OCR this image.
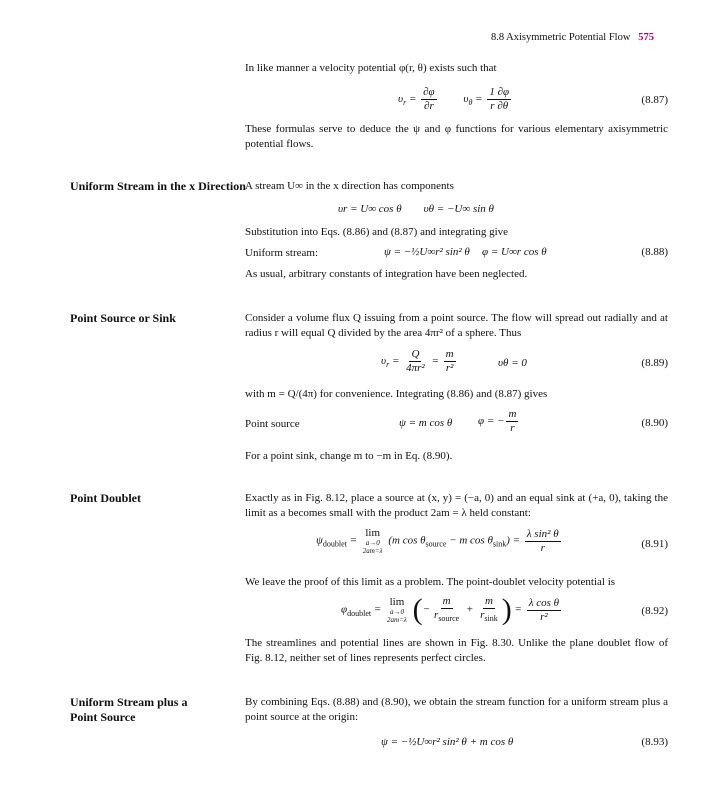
8.8 Axisymmetric Potential Flow 575
In like manner a velocity potential φ(r, θ) exists such that
$\upsilon_r = \frac{\partial\varphi}{\partial r} \upsilon_\theta = \frac{1 \partial\varphi}{r \partial\theta}$	(8.87)
These formulas serve to deduce the ψ and φ functions for various elementary axisymmetric potential flows.
Uniform Stream in the x Direction A stream U∞ in the x direction has components
υr = U∞ cos θ        υθ = −U∞ sin θ
Substitution into Eqs. (8.86) and (8.87) and integrating give
Uniform stream:	ψ = −½U∞r² sin² θ φ = U∞r cos θ	(8.88)
As usual, arbitrary constants of integration have been neglected.
Point Source or Sink	Consider a volume flux Q issuing from a point source. The flow will spread out radially and at radius r will equal Q divided by the area 4πr² of a sphere. Thus
$\upsilon_r = \frac{Q}{\text{4πr²}} = \frac{m}{\text{r²}}$	υθ = 0	(8.89)
with m = Q/(4π) for convenience. Integrating (8.86) and (8.87) gives
Point source	ψ = m cos θ φ = − $\frac{m}{r}$	(8.90)
For a point sink, change m to −m in Eq. (8.90).
Point Doublet	Exactly as in Fig. 8.12, place a source at (x, y) = (−a, 0) and an equal sink at (+a, 0), taking the limit as a becomes small with the product 2am = λ held constant:
$\psi_{doublet}$ =
lim
a→0
2am=λ
(m $\cos \theta_{source} - m$ $\cos \theta_{sink}) = \frac{\text{λ sin² θ}}{r}$	(8.91)
We leave the proof of this limit as a problem. The point-doublet velocity potential is
$\varphi_{doublet}$ =
lim
a→0
2am=λ (− $\frac{m}{r_{source}} + \frac{m}{r_{sink}}$ ) = $\frac{\text{λ cos θ}}{\text{r²}}$	(8.92)
The streamlines and potential lines are shown in Fig. 8.30. Unlike the plane doublet flow of Fig. 8.12, neither set of lines represents perfect circles.
Uniform Stream plus a Point Source
By combining Eqs. (8.88) and (8.90), we obtain the stream function for a uniform stream plus a point source at the origin:
ψ = −½U∞r² sin² θ + m cos θ	(8.93)
